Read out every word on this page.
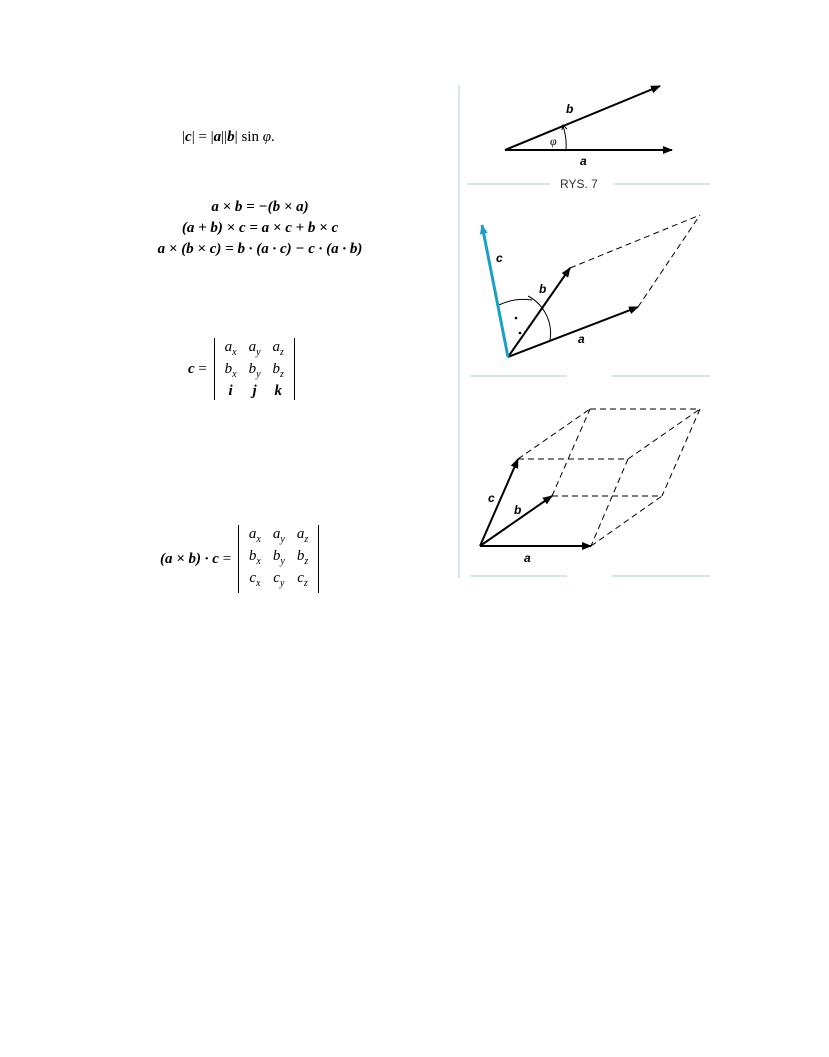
|c| = |a||b| sin φ.
a × b = −(b × a)
(a + b) × c = a × c + b × c
a × (b × c) = b · (a · c) − c · (a · b)
c =
$a_x$	$a_y$	$a_z$
$b_x$	$b_y$	$b_z$
i	j	k
(a × b) · c =
$a_x$	$a_y$	$a_z$
$b_x$	$b_y$	$b_z$
$c_x$	$c_y$	$c_z$
b
a
φ
RYS. 7
b
a
c
a
b
c
